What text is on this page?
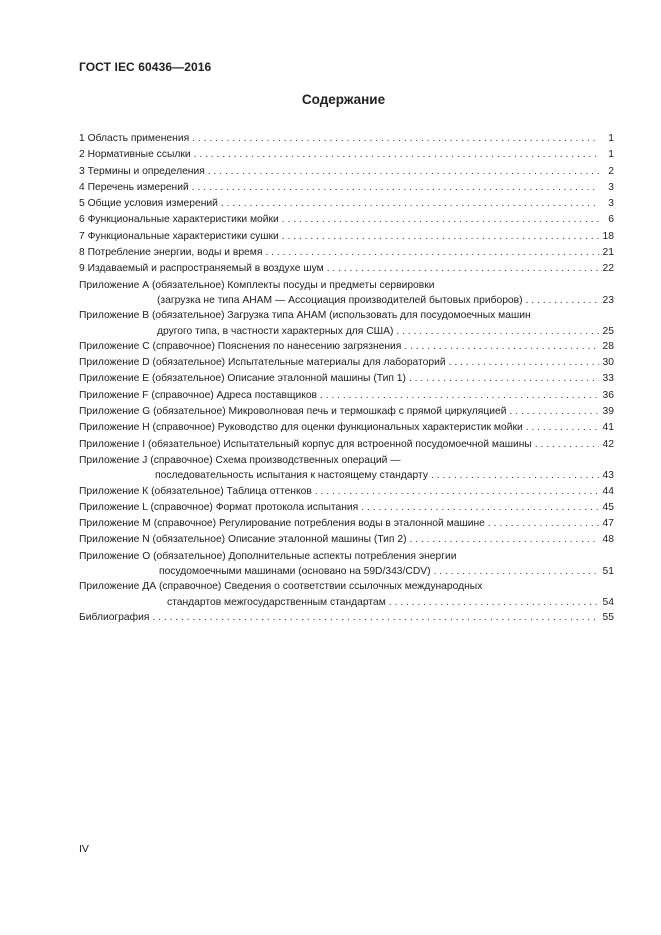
ГОСТ IEC 60436—2016
Содержание
1 Область применения . . .	1
2 Нормативные ссылки . . .	1
3 Термины и определения . . .	2
4 Перечень измерений . . .	3
5 Общие условия измерений . . .	3
6 Функциональные характеристики мойки . . .	6
7 Функциональные характеристики сушки . . .	18
8 Потребление энергии, воды и время . . .	21
9 Издаваемый и распространяемый в воздухе шум . . .	22
Приложение А (обязательное) Комплекты посуды и предметы сервировки
(загрузка не типа АНАМ — Ассоциация производителей бытовых приборов) . . .	23
Приложение В (обязательное) Загрузка типа АНАМ (использовать для посудомоечных машин
другого типа, в частности характерных для США) . . .	25
Приложение С (справочное) Пояснения по нанесению загрязнения . . .	28
Приложение D (обязательное) Испытательные материалы для лабораторий . . .	30
Приложение Е (обязательное) Описание эталонной машины (Тип 1) . . .	33
Приложение F (справочное) Адреса поставщиков . . .	36
Приложение G (обязательное) Микроволновая печь и термошкаф с прямой циркуляцией . . .	39
Приложение Н (справочное) Руководство для оценки функциональных характеристик мойки . . .	41
Приложение I (обязательное) Испытательный корпус для встроенной посудомоечной машины . . .	42
Приложение J (справочное) Схема производственных операций —
последовательность испытания к настоящему стандарту . . .	43
Приложение К (обязательное) Таблица оттенков . . .	44
Приложение L (справочное) Формат протокола испытания . . .	45
Приложение М (справочное) Регулирование потребления воды в эталонной машине . . .	47
Приложение N (обязательное) Описание эталонной машины (Тип 2) . . .	48
Приложение О (обязательное) Дополнительные аспекты потребления энергии
посудомоечными машинами (основано на 59D/343/CDV) . . .	51
Приложение ДА (справочное) Сведения о соответствии ссылочных международных
стандартов межгосударственным стандартам . . .	54
Библиография . . .	55
IV
